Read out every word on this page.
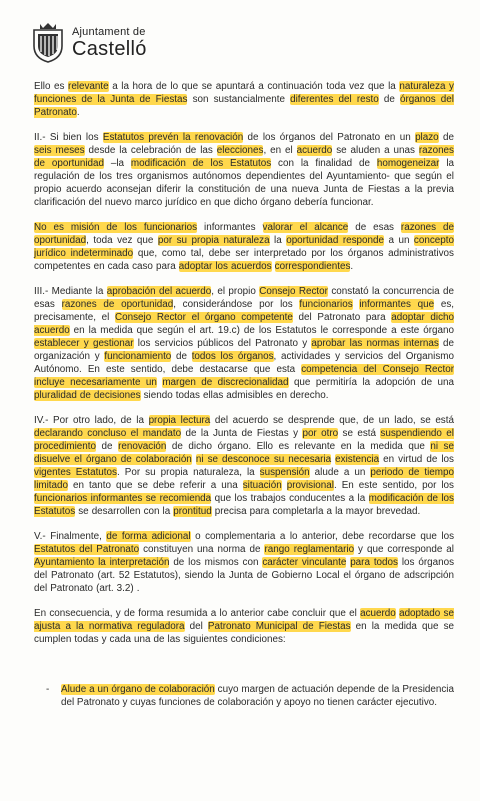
Ajuntament de
Castelló

Ello es relevante a la hora de lo que se apuntará a continuación toda vez que la naturaleza y funciones de la Junta de Fiestas son sustancialmente diferentes del resto de órganos del Patronato.

II.- Si bien los Estatutos prevén la renovación de los órganos del Patronato en un plazo de seis meses desde la celebración de las elecciones, en el acuerdo se aluden a unas razones de oportunidad –la modificación de los Estatutos con la finalidad de homogeneizar la regulación de los tres organismos autónomos dependientes del Ayuntamiento- que según el propio acuerdo aconsejan diferir la constitución de una nueva Junta de Fiestas a la previa clarificación del nuevo marco jurídico en que dicho órgano debería funcionar.

No es misión de los funcionarios informantes valorar el alcance de esas razones de oportunidad, toda vez que por su propia naturaleza la oportunidad responde a un concepto jurídico indeterminado que, como tal, debe ser interpretado por los órganos administrativos competentes en cada caso para adoptar los acuerdos correspondientes.

III.- Mediante la aprobación del acuerdo, el propio Consejo Rector constató la concurrencia de esas razones de oportunidad, considerándose por los funcionarios informantes que es, precisamente, el Consejo Rector el órgano competente del Patronato para adoptar dicho acuerdo en la medida que según el art. 19.c) de los Estatutos le corresponde a este órgano establecer y gestionar los servicios públicos del Patronato y aprobar las normas internas de organización y funcionamiento de todos los órganos, actividades y servicios del Organismo Autónomo. En este sentido, debe destacarse que esta competencia del Consejo Rector incluye necesariamente un margen de discrecionalidad que permitiría la adopción de una pluralidad de decisiones siendo todas ellas admisibles en derecho.

IV.- Por otro lado, de la propia lectura del acuerdo se desprende que, de un lado, se está declarando concluso el mandato de la Junta de Fiestas y por otro se está suspendiendo el procedimiento de renovación de dicho órgano. Ello es relevante en la medida que ni se disuelve el órgano de colaboración ni se desconoce su necesaria existencia en virtud de los vigentes Estatutos. Por su propia naturaleza, la suspensión alude a un periodo de tiempo limitado en tanto que se debe referir a una situación provisional. En este sentido, por los funcionarios informantes se recomienda que los trabajos conducentes a la modificación de los Estatutos se desarrollen con la prontitud precisa para completarla a la mayor brevedad.

V.- Finalmente, de forma adicional o complementaria a lo anterior, debe recordarse que los Estatutos del Patronato constituyen una norma de rango reglamentario y que corresponde al Ayuntamiento la interpretación de los mismos con carácter vinculante para todos los órganos del Patronato (art. 52 Estatutos), siendo la Junta de Gobierno Local el órgano de adscripción del Patronato (art. 3.2) .

En consecuencia, y de forma resumida a lo anterior cabe concluir que el acuerdo adoptado se ajusta a la normativa reguladora del Patronato Municipal de Fiestas en la medida que se cumplen todas y cada una de las siguientes condiciones:

- Alude a un órgano de colaboración cuyo margen de actuación depende de la Presidencia del Patronato y cuyas funciones de colaboración y apoyo no tienen carácter ejecutivo.
